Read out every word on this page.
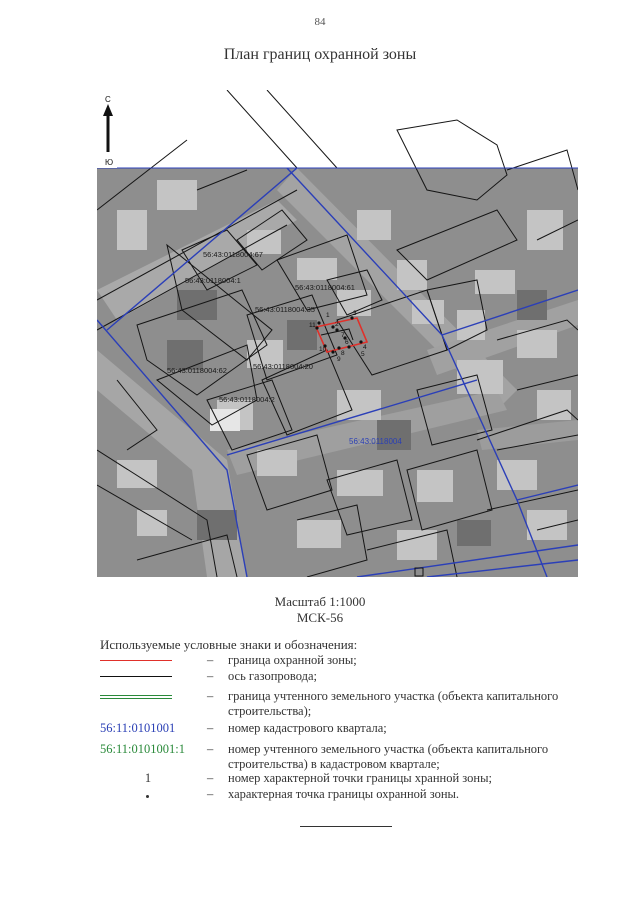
84
План границ охранной зоны
1
2
3
4
5
6
7
8
9
10
11
56:43:0118004:67
56:43:0118004:1
56:43:0118004:61
56:43:0118004:35
56:43:0118004:62	56:43:0118004:20
56:43:0118004:2
56:43:0118004
С
Ю
Масштаб 1:1000
МСК-56
Используемые условные знаки и обозначения:
– граница охранной зоны;
– ось газопровода;
– граница учтенного земельного участка (объекта капитального строительства);
56:11:0101001	– номер кадастрового квартала;
56:11:0101001:1	– номер учтенного земельного участка (объекта капитального строительства) в кадастровом квартале;
1	– номер характерной точки границы хранной зоны;
– характерная точка границы охранной зоны.
